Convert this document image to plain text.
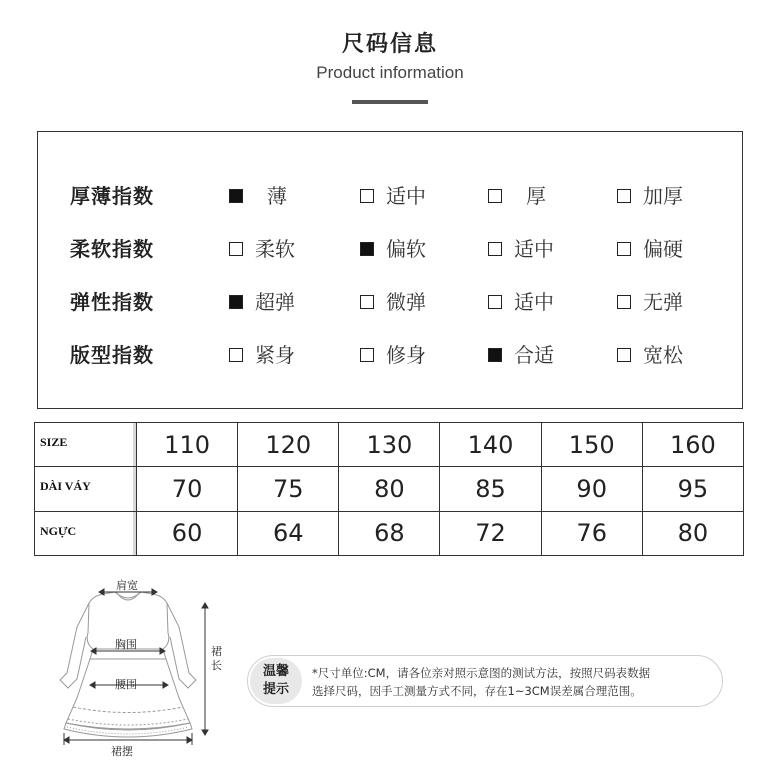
尺码信息
Product information
厚薄指数	薄	适中	厚	加厚
柔软指数	柔软	偏软	适中	偏硬
弹性指数	超弹	微弹	适中	无弹
版型指数	紧身	修身	合适	宽松
SIZE	110	120	130	140	150	160
DÀI VÁY	70	75	80	85	90	95
NGỰC	60	64	68	72	76	80
肩宽
胸围
腰围
裙长
裙摆
温馨
提示
*尺寸单位:CM，请各位亲对照示意图的测试方法，按照尺码表数据
选择尺码，因手工测量方式不同，存在1~3CM误差属合理范围。
